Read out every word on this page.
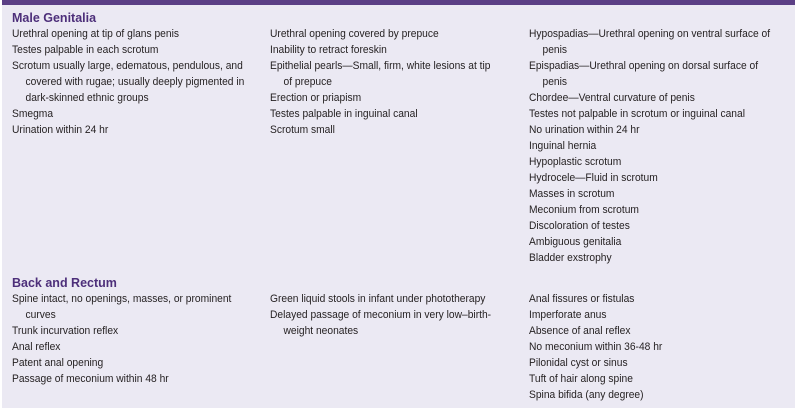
Male Genitalia
Urethral opening at tip of glans penis
Testes palpable in each scrotum
Scrotum usually large, edematous, pendulous, and
covered with rugae; usually deeply pigmented in
dark-skinned ethnic groups
Smegma
Urination within 24 hr
Urethral opening covered by prepuce
Inability to retract foreskin
Epithelial pearls—Small, firm, white lesions at tip
of prepuce
Erection or priapism
Testes palpable in inguinal canal
Scrotum small
Hypospadias—Urethral opening on ventral surface of
penis
Epispadias—Urethral opening on dorsal surface of
penis
Chordee—Ventral curvature of penis
Testes not palpable in scrotum or inguinal canal
No urination within 24 hr
Inguinal hernia
Hypoplastic scrotum
Hydrocele—Fluid in scrotum
Masses in scrotum
Meconium from scrotum
Discoloration of testes
Ambiguous genitalia
Bladder exstrophy
Back and Rectum
Spine intact, no openings, masses, or prominent
curves
Trunk incurvation reflex
Anal reflex
Patent anal opening
Passage of meconium within 48 hr
Green liquid stools in infant under phototherapy
Delayed passage of meconium in very low–birth-
weight neonates
Anal fissures or fistulas
Imperforate anus
Absence of anal reflex
No meconium within 36-48 hr
Pilonidal cyst or sinus
Tuft of hair along spine
Spina bifida (any degree)
